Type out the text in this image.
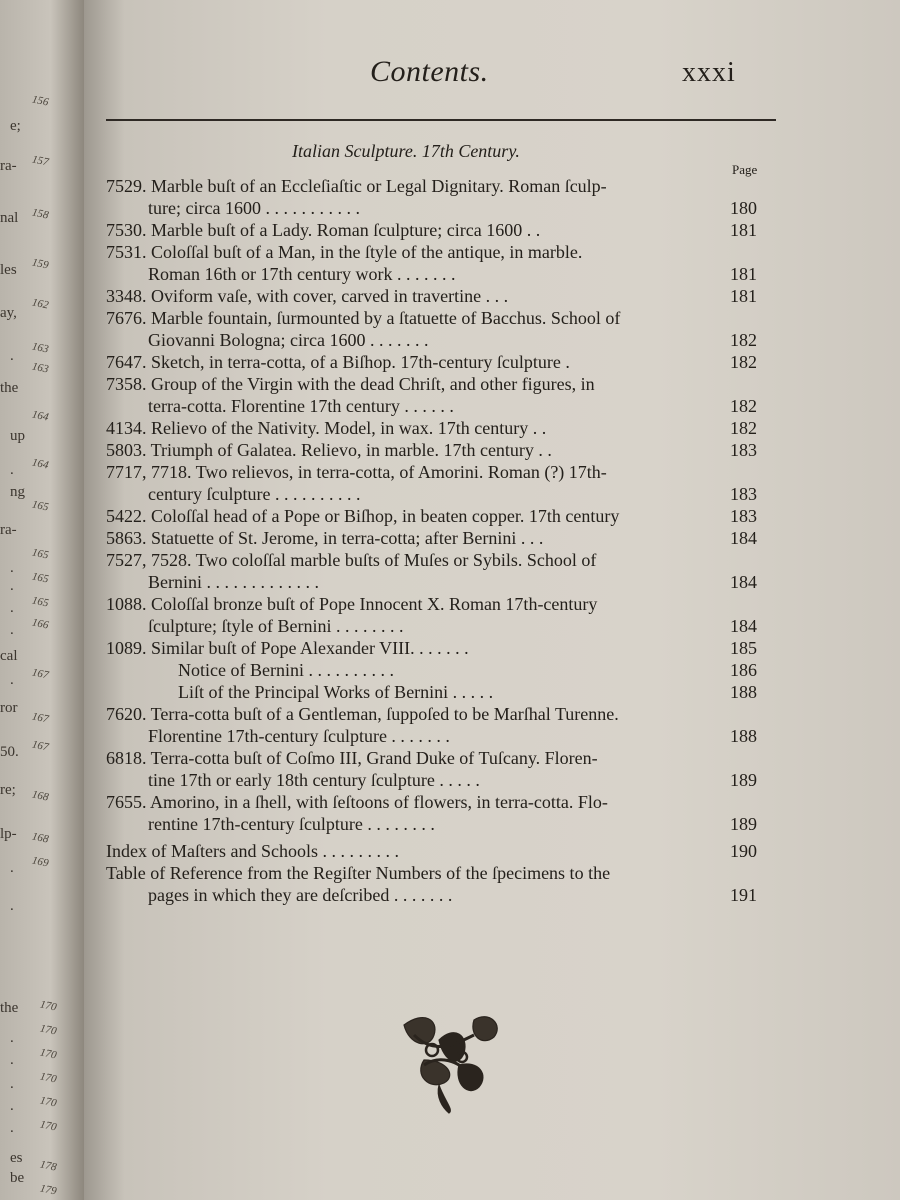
e;
ra-
nal
les
ay,
.
the
up
.
ng
ra-
.
.
.
.
cal
.
ror
50.
re;
lp-
.
.
the
.
.
.
.
.
es
be
156
157
158
159
162
163
163
164
164
165
165
165
165
166
167
167
167
168
168
169
170
170
170
170
170
170
178
179
Contents.	xxxi
Italian Sculpture. 17th Century.
Page
7529. Marble buſt of an Eccleſiaſtic or Legal Dignitary. Roman ſculp-
ture; circa 1600 . . . . . . . . . . .	180
7530. Marble buſt of a Lady. Roman ſculpture; circa 1600 . .	181
7531. Coloſſal buſt of a Man, in the ſtyle of the antique, in marble.
Roman 16th or 17th century work . . . . . . .	181
3348. Oviform vaſe, with cover, carved in travertine . . .	181
7676. Marble fountain, ſurmounted by a ſtatuette of Bacchus. School of
Giovanni Bologna; circa 1600 . . . . . . .	182
7647. Sketch, in terra-cotta, of a Biſhop. 17th-century ſculpture .	182
7358. Group of the Virgin with the dead Chriſt, and other figures, in
terra-cotta. Florentine 17th century . . . . . .	182
4134. Relievo of the Nativity. Model, in wax. 17th century . .	182
5803. Triumph of Galatea. Relievo, in marble. 17th century . .	183
7717, 7718. Two relievos, in terra-cotta, of Amorini. Roman (?) 17th-
century ſculpture . . . . . . . . . .	183
5422. Coloſſal head of a Pope or Biſhop, in beaten copper. 17th century	183
5863. Statuette of St. Jerome, in terra-cotta; after Bernini . . .	184
7527, 7528. Two coloſſal marble buſts of Muſes or Sybils. School of
Bernini . . . . . . . . . . . . .	184
1088. Coloſſal bronze buſt of Pope Innocent X. Roman 17th-century
ſculpture; ſtyle of Bernini . . . . . . . .	184
1089. Similar buſt of Pope Alexander VIII. . . . . . .	185
Notice of Bernini . . . . . . . . . .	186
Liſt of the Principal Works of Bernini . . . . .	188
7620. Terra-cotta buſt of a Gentleman, ſuppoſed to be Marſhal Turenne.
Florentine 17th-century ſculpture . . . . . . .	188
6818. Terra-cotta buſt of Coſmo III, Grand Duke of Tuſcany. Floren-
tine 17th or early 18th century ſculpture . . . . .	189
7655. Amorino, in a ſhell, with ſeſtoons of flowers, in terra-cotta. Flo-
rentine 17th-century ſculpture . . . . . . . .	189
Index of Maſters and Schools . . . . . . . . .	190
Table of Reference from the Regiſter Numbers of the ſpecimens to the
pages in which they are deſcribed . . . . . . .	191
